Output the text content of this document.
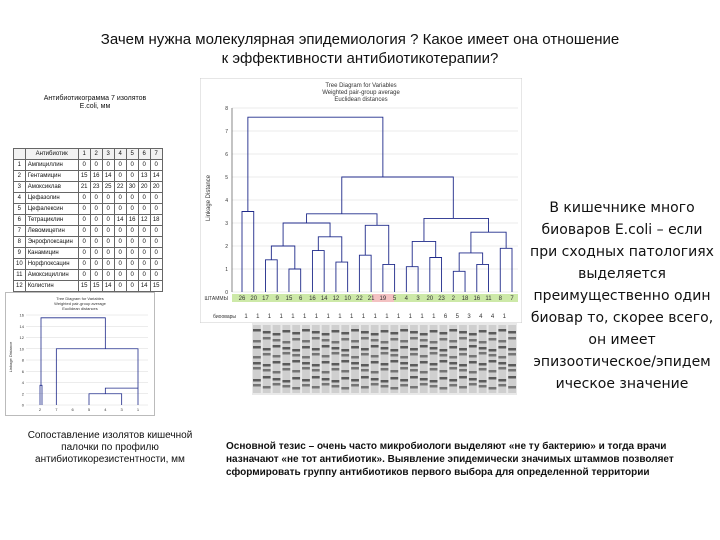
Зачем нужна молекулярная эпидемиология ? Какое имеет она отношение
к эффективности антибиотикотерапии?
Антибиотикограмма 7 изолятов
E.coli, мм
	Антибиотик	1	2	3	4	5	6	7
1	Ампициллин	0	0	0	0	0	0	0
2	Гентамицин	15	16	14	0	0	13	14
3	Амоксиклав	21	23	25	22	30	20	20
4	Цефазолин	0	0	0	0	0	0	0
5	Цефалексин	0	0	0	0	0	0	0
6	Тетрациклин	0	0	0	14	16	12	18
7	Левомицетин	0	0	0	0	0	0	0
8	Энрофлоксацин	0	0	0	0	0	0	0
9	Канамицин	0	0	0	0	0	0	0
10	Норфлоксацин	0	0	0	0	0	0	0
11	Амоксициллин	0	0	0	0	0	0	0
12	Колистин	15	15	14	0	0	14	15
Tree Diagram for Variables
Weighted pair-group average
Euclidean distances
Linkage Distance
16
14
12
10
8
6
4
2
0
2	7	6	5	4	3	1
Tree Diagram for Variables
Weighted pair-group average
Euclidean distances
Linkage Distance
8
7
6
5
4
3
2
1
0
26 20 17 9 15 6 16 14 12 10 22 21 19 5 4 3 20 23 2 18 16 11 8 7
ШТАММЫ
1 1 1 1 1 1 1 1 1 1 1 1 1 1 1 1 1 6 5 3 4 4 1
биоовары
В кишечнике много
биоваров E.coli – если
при сходных патологиях
выделяется
преимущественно один
биовар то, скорее всего,
он имеет
эпизоотическое/эпидем
ическое значение
Сопоставление изолятов кишечной
палочки по профилю
антибиотикорезистентности, мм
Основной тезис – очень часто микробиологи выделяют «не ту бактерию» и тогда врачи назначают «не тот антибиотик». Выявление эпидемически значимых штаммов позволяет сформировать группу антибиотиков первого выбора для определенной территории
